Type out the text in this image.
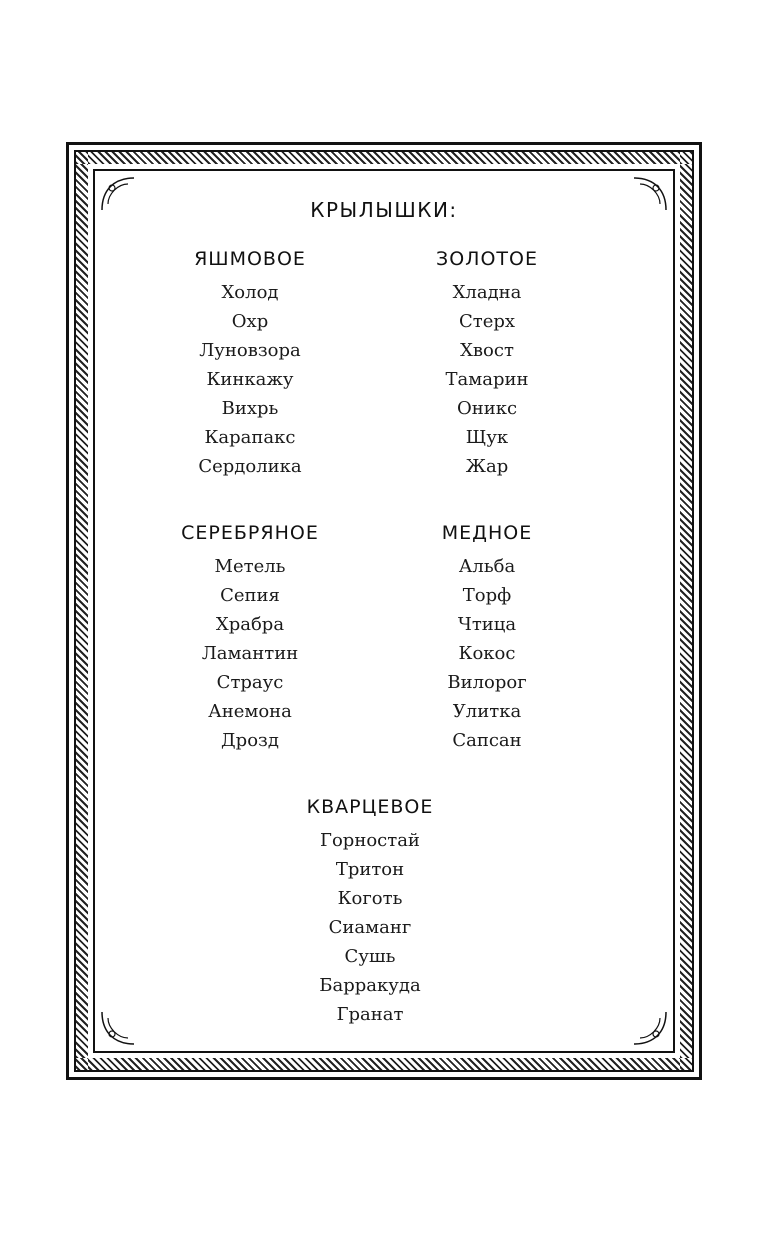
КРЫЛЫШКИ:
ЯШМОВОЕ
Холод
Охр
Луновзора
Кинкажу
Вихрь
Карапакс
Сердолика
ЗОЛОТОЕ
Хладна
Стерх
Хвост
Тамарин
Оникс
Щук
Жар
СЕРЕБРЯНОЕ
Метель
Сепия
Храбра
Ламантин
Страус
Анемона
Дрозд
МЕДНОЕ
Альба
Торф
Чтица
Кокос
Вилорог
Улитка
Сапсан
КВАРЦЕВОЕ
Горностай
Тритон
Коготь
Сиаманг
Сушь
Барракуда
Гранат
